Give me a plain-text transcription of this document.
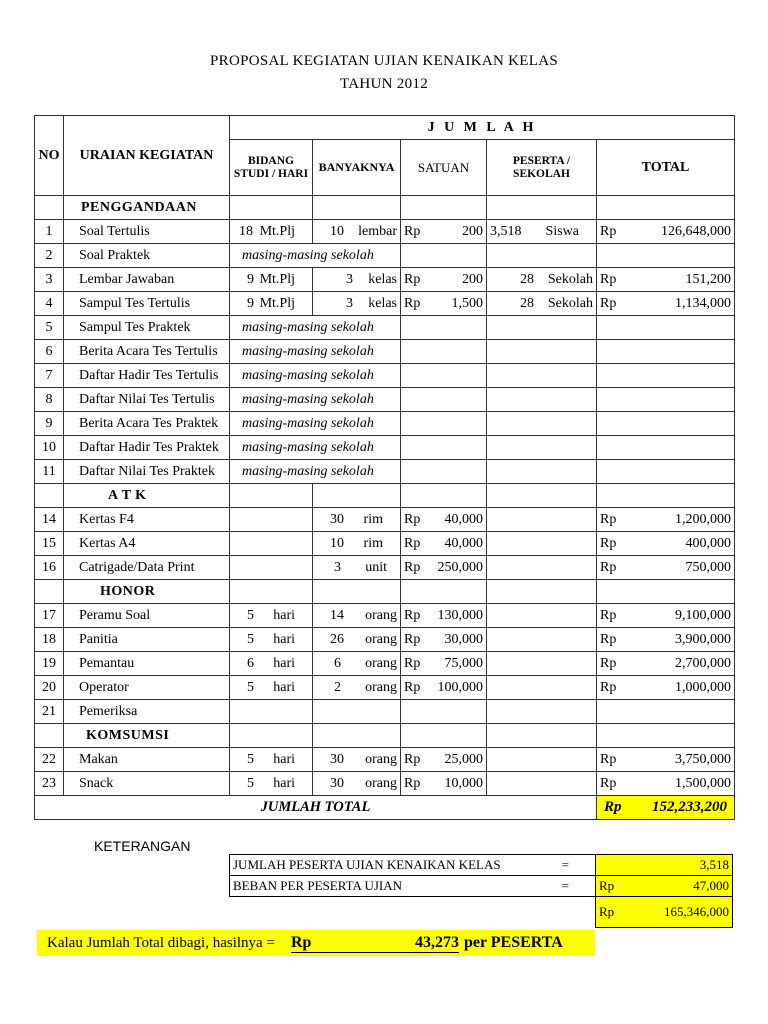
PROPOSAL KEGIATAN UJIAN KENAIKAN KELAS
TAHUN 2012
NO	URAIAN KEGIATAN	J U M L A H				
		BIDANG STUDI / HARI	BANYAKNYA	SATUAN	PESERTA / SEKOLAH	TOTAL

	PENGGANDAAN					
1	Soal Tertulis	18 Mt.Plj	10 lembar	Rp 200	3,518 Siswa	Rp 126,648,000

2	Soal Praktek	masing-masing sekolah				
3	Lembar Jawaban	9 Mt.Plj	3 kelas	Rp 200	28 Sekolah	Rp 151,200

4	Sampul Tes Tertulis	9 Mt.Plj	3 kelas	Rp 1,500	28 Sekolah	Rp 1,134,000

5	Sampul Tes Praktek	masing-masing sekolah				
6	Berita Acara Tes Tertulis	masing-masing sekolah				
7	Daftar Hadir Tes Tertulis	masing-masing sekolah				
8	Daftar Nilai Tes Tertulis	masing-masing sekolah				
9	Berita Acara Tes Praktek	masing-masing sekolah				
10	Daftar Hadir Tes Praktek	masing-masing sekolah				
11	Daftar Nilai Tes Praktek	masing-masing sekolah				
	A T K					
14	Kertas F4		30 rim	Rp 40,000		Rp 1,200,000

15	Kertas A4		10 rim	Rp 40,000		Rp 400,000

16	Catrigade/Data Print		3 unit	Rp 250,000		Rp 750,000

	HONOR					
17	Peramu Soal	5 hari	14 orang	Rp 130,000		Rp 9,100,000

18	Panitia	5 hari	26 orang	Rp 30,000		Rp 3,900,000

19	Pemantau	6 hari	6 orang	Rp 75,000		Rp 2,700,000

20	Operator	5 hari	2 orang	Rp 100,000		Rp 1,000,000

21	Pemeriksa					
	KOMSUMSI					
22	Makan	5 hari	30 orang	Rp 25,000		Rp 3,750,000

23	Snack	5 hari	30 orang	Rp 10,000		Rp 1,500,000

JUMLAH TOTAL						Rp 152,233,200
KETERANGAN
JUMLAH PESERTA UJIAN KENAIKAN KELAS	=	3,518
BEBAN PER PESERTA UJIAN	=	Rp 47,000

		Rp 165,346,000
Kalau Jumlah Total dibagi, hasilnya = Rp	43,273 per PESERTA
